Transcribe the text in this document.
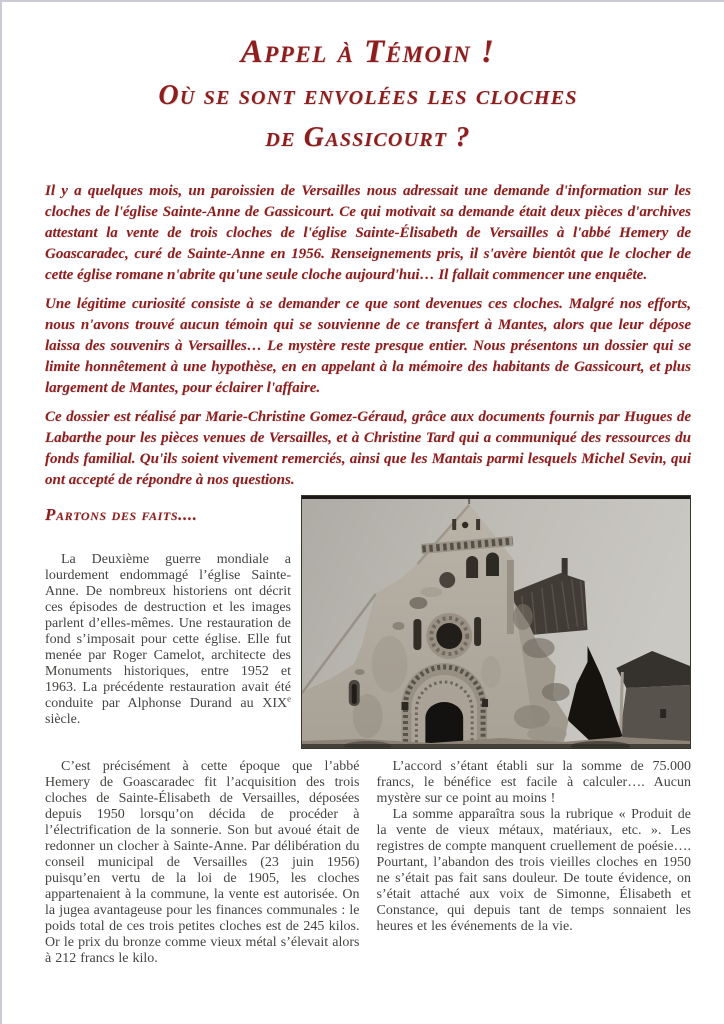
Appel à Témoin !
Où se sont envolées les cloches
de Gassicourt ?

Il y a quelques mois, un paroissien de Versailles nous adressait une demande d'information sur les cloches de l'église Sainte-Anne de Gassicourt. Ce qui motivait sa demande était deux pièces d'archives attestant la vente de trois cloches de l'église Sainte-Élisabeth de Versailles à l'abbé Hemery de Goascaradec, curé de Sainte-Anne en 1956. Renseignements pris, il s'avère bientôt que le clocher de cette église romane n'abrite qu'une seule cloche aujourd'hui… Il fallait commencer une enquête.

Une légitime curiosité consiste à se demander ce que sont devenues ces cloches. Malgré nos efforts, nous n'avons trouvé aucun témoin qui se souvienne de ce transfert à Mantes, alors que leur dépose laissa des souvenirs à Versailles… Le mystère reste presque entier. Nous présentons un dossier qui se limite honnêtement à une hypothèse, en en appelant à la mémoire des habitants de Gassicourt, et plus largement de Mantes, pour éclairer l'affaire.

Ce dossier est réalisé par Marie-Christine Gomez-Géraud, grâce aux documents fournis par Hugues de Labarthe pour les pièces venues de Versailles, et à Christine Tard qui a communiqué des ressources du fonds familial. Qu'ils soient vivement remerciés, ainsi que les Mantais parmi lesquels Michel Sevin, qui ont accepté de répondre à nos questions.

Partons des faits....

La Deuxième guerre mondiale a lourdement endommagé l’église Sainte-Anne. De nombreux historiens ont décrit ces épisodes de destruction et les images parlent d’elles-mêmes. Une restauration de fond s’imposait pour cette église. Elle fut menée par Roger Camelot, architecte des Monuments historiques, entre 1952 et 1963. La précédente restauration avait été conduite par Alphonse Durand au XIXe siècle.

C’est précisément à cette époque que l’abbé Hemery de Goascaradec fit l’acquisition des trois cloches de Sainte-Élisabeth de Versailles, déposées depuis 1950 lorsqu’on décida de procéder à l’électrification de la sonnerie. Son but avoué était de redonner un clocher à Sainte-Anne. Par délibération du conseil municipal de Versailles (23 juin 1956) puisqu’en vertu de la loi de 1905, les cloches appartenaient à la commune, la vente est autorisée. On la jugea avantageuse pour les finances communales : le poids total de ces trois petites cloches est de 245 kilos. Or le prix du bronze comme vieux métal s’élevait alors à 212 francs le kilo.

L’accord s’étant établi sur la somme de 75.000 francs, le bénéfice est facile à calculer…. Aucun mystère sur ce point au moins !

La somme apparaîtra sous la rubrique « Produit de la vente de vieux métaux, matériaux, etc. ». Les registres de compte manquent cruellement de poésie…. Pourtant, l’abandon des trois vieilles cloches en 1950 ne s’était pas fait sans douleur. De toute évidence, on s’était attaché aux voix de Simonne, Élisabeth et Constance, qui depuis tant de temps sonnaient les heures et les événements de la vie.
